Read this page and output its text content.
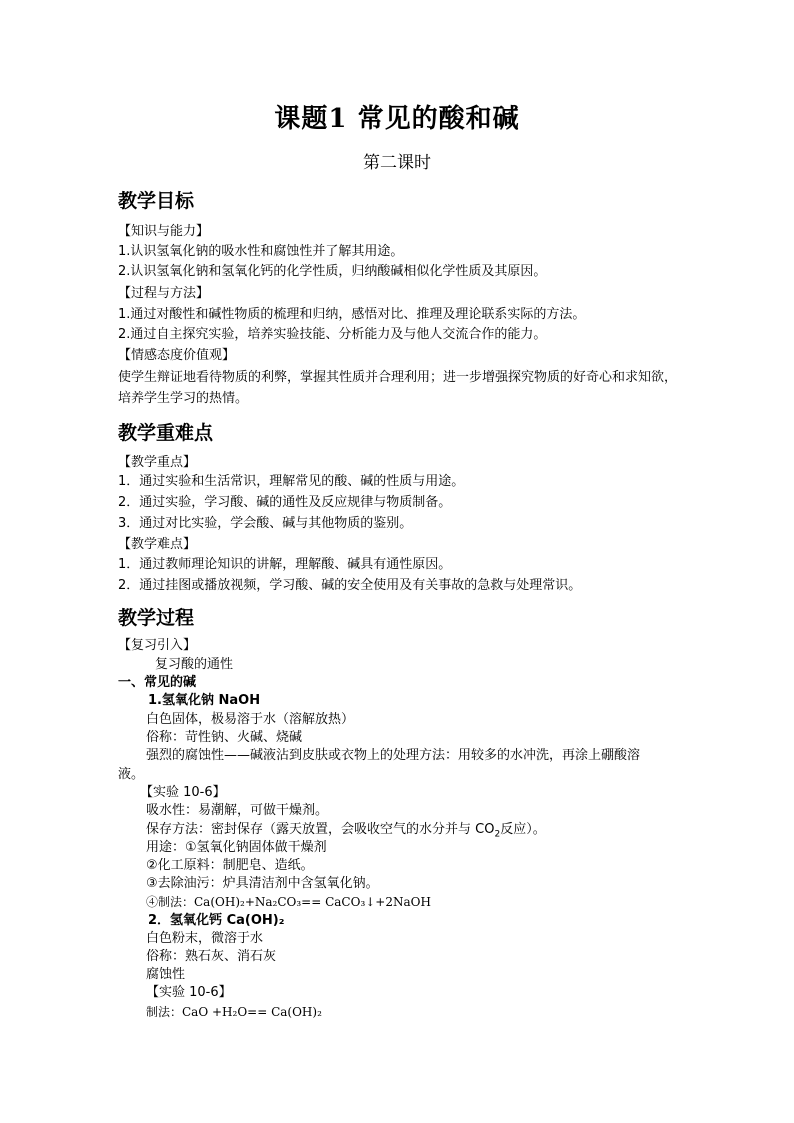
课题1 常见的酸和碱
第二课时
教学目标
【知识与能力】
1.认识氢氧化钠的吸水性和腐蚀性并了解其用途。
2.认识氢氧化钠和氢氧化钙的化学性质，归纳酸碱相似化学性质及其原因。
【过程与方法】
1.通过对酸性和碱性物质的梳理和归纳，感悟对比、推理及理论联系实际的方法。
2.通过自主探究实验，培养实验技能、分析能力及与他人交流合作的能力。
【情感态度价值观】
使学生辩证地看待物质的利弊，掌握其性质并合理利用；进一步增强探究物质的好奇心和求知欲，培养学生学习的热情。
教学重难点
【教学重点】
1．通过实验和生活常识，理解常见的酸、碱的性质与用途。
2．通过实验，学习酸、碱的通性及反应规律与物质制备。
3．通过对比实验，学会酸、碱与其他物质的鉴别。
【教学难点】
1．通过教师理论知识的讲解，理解酸、碱具有通性原因。
2．通过挂图或播放视频，学习酸、碱的安全使用及有关事故的急救与处理常识。
教学过程
【复习引入】
复习酸的通性
一、常见的碱
1.氢氧化钠 NaOH
白色固体，极易溶于水（溶解放热）
俗称：苛性钠、火碱、烧碱
强烈的腐蚀性——碱液沾到皮肤或衣物上的处理方法：用较多的水冲洗，再涂上硼酸溶
液。
【实验 10-6】
吸水性：易潮解，可做干燥剂。
保存方法：密封保存（露天放置，会吸收空气的水分并与 $CO_2$反应）。
用途：①氢氧化钠固体做干燥剂
②化工原料：制肥皂、造纸。
③去除油污：炉具清洁剂中含氢氧化钠。
④制法：Ca(OH)₂+Na₂CO₃== CaCO₃↓+2NaOH
2．氢氧化钙 Ca(OH)₂
白色粉末，微溶于水
俗称：熟石灰、消石灰
腐蚀性
【实验 10-6】
制法：CaO +H₂O== Ca(OH)₂
